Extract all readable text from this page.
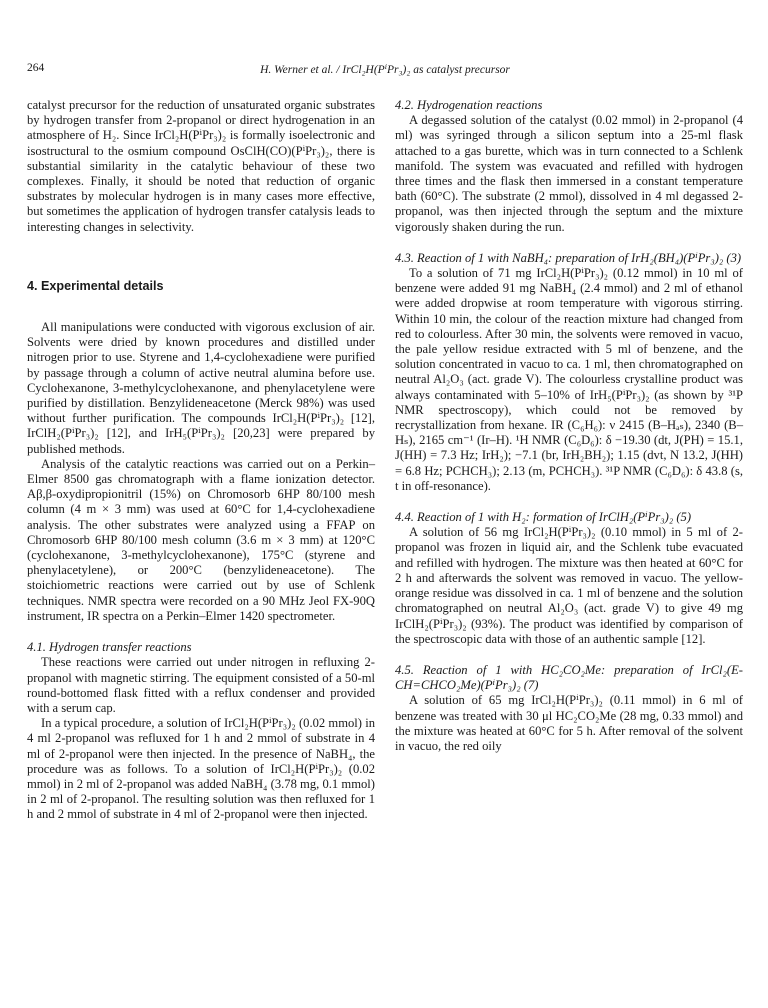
264	H. Werner et al. / IrCl₂H(PⁱPr₃)₂ as catalyst precursor

catalyst precursor for the reduction of unsaturated organic substrates by hydrogen transfer from 2-propanol or direct hydrogenation in an atmosphere of H₂. Since IrCl₂H(PⁱPr₃)₂ is formally isoelectronic and isostructural to the osmium compound OsClH(CO)(PⁱPr₃)₂, there is substantial similarity in the catalytic behaviour of these two complexes. Finally, it should be noted that reduction of organic substrates by molecular hydrogen is in many cases more effective, but sometimes the application of hydrogen transfer catalysis leads to interesting changes in selectivity.

4. Experimental details

All manipulations were conducted with vigorous exclusion of air. Solvents were dried by known procedures and distilled under nitrogen prior to use. Styrene and 1,4-cyclohexadiene were purified by passage through a column of active neutral alumina before use. Cyclohexanone, 3-methylcyclohexanone, and phenylacetylene were purified by distillation. Benzylideneacetone (Merck 98%) was used without further purification. The compounds IrCl₂H(PⁱPr₃)₂ [12], IrClH₂(PⁱPr₃)₂ [12], and IrH₅(PⁱPr₃)₂ [20,23] were prepared by published methods.

Analysis of the catalytic reactions was carried out on a Perkin–Elmer 8500 gas chromatograph with a flame ionization detector. Aβ,β-oxydipropionitril (15%) on Chromosorb 6HP 80/100 mesh column (4 m × 3 mm) was used at 60°C for 1,4-cyclohexadiene analysis. The other substrates were analyzed using a FFAP on Chromosorb 6HP 80/100 mesh column (3.6 m × 3 mm) at 120°C (cyclohexanone, 3-methylcyclohexanone), 175°C (styrene and phenylacetylene), or 200°C (benzylideneacetone). The stoichiometric reactions were carried out by use of Schlenk techniques. NMR spectra were recorded on a 90 MHz Jeol FX-90Q instrument, IR spectra on a Perkin–Elmer 1420 spectrometer.

4.1. Hydrogen transfer reactions

These reactions were carried out under nitrogen in refluxing 2-propanol with magnetic stirring. The equipment consisted of a 50-ml round-bottomed flask fitted with a reflux condenser and provided with a serum cap.

In a typical procedure, a solution of IrCl₂H(PⁱPr₃)₂ (0.02 mmol) in 4 ml 2-propanol was refluxed for 1 h and 2 mmol of substrate in 4 ml of 2-propanol were then injected. In the presence of NaBH₄, the procedure was as follows. To a solution of IrCl₂H(PⁱPr₃)₂ (0.02 mmol) in 2 ml of 2-propanol was added NaBH₄ (3.78 mg, 0.1 mmol) in 2 ml of 2-propanol. The resulting solution was then refluxed for 1 h and 2 mmol of substrate in 4 ml of 2-propanol were then injected.

4.2. Hydrogenation reactions

A degassed solution of the catalyst (0.02 mmol) in 2-propanol (4 ml) was syringed through a silicon septum into a 25-ml flask attached to a gas burette, which was in turn connected to a Schlenk manifold. The system was evacuated and refilled with hydrogen three times and the flask then immersed in a constant temperature bath (60°C). The substrate (2 mmol), dissolved in 4 ml degassed 2-propanol, was then injected through the septum and the mixture vigorously shaken during the run.

4.3. Reaction of 1 with NaBH₄: preparation of IrH₂(BH₄)(PⁱPr₃)₂ (3)

To a solution of 71 mg IrCl₂H(PⁱPr₃)₂ (0.12 mmol) in 10 ml of benzene were added 91 mg NaBH₄ (2.4 mmol) and 2 ml of ethanol were added dropwise at room temperature with vigorous stirring. Within 10 min, the colour of the reaction mixture had changed from red to colourless. After 30 min, the solvents were removed in vacuo, the pale yellow residue extracted with 5 ml of benzene, and the solution concentrated in vacuo to ca. 1 ml, then chromatographed on neutral Al₂O₃ (act. grade V). The colourless crystalline product was always contaminated with 5–10% of IrH₅(PⁱPr₃)₂ (as shown by ³¹P NMR spectroscopy), which could not be removed by recrystallization from hexane. IR (C₆H₆): ν 2415 (B–Hₐₛ), 2340 (B–Hₛ), 2165 cm⁻¹ (Ir–H). ¹H NMR (C₆D₆): δ −19.30 (dt, J(PH) = 15.1, J(HH) = 7.3 Hz; IrH₂); −7.1 (br, IrH₂BH₂); 1.15 (dvt, N 13.2, J(HH) = 6.8 Hz; PCHCH₃); 2.13 (m, PCHCH₃). ³¹P NMR (C₆D₆): δ 43.8 (s, t in off-resonance).

4.4. Reaction of 1 with H₂: formation of IrClH₂(PⁱPr₃)₂ (5)

A solution of 56 mg IrCl₂H(PⁱPr₃)₂ (0.10 mmol) in 5 ml of 2-propanol was frozen in liquid air, and the Schlenk tube evacuated and refilled with hydrogen. The mixture was then heated at 60°C for 2 h and afterwards the solvent was removed in vacuo. The yellow-orange residue was dissolved in ca. 1 ml of benzene and the solution chromatographed on neutral Al₂O₃ (act. grade V) to give 49 mg IrClH₂(PⁱPr₃)₂ (93%). The product was identified by comparison of the spectroscopic data with those of an authentic sample [12].

4.5. Reaction of 1 with HC₂CO₂Me: preparation of IrCl₂(E-CH=CHCO₂Me)(PⁱPr₃)₂ (7)

A solution of 65 mg IrCl₂H(PⁱPr₃)₂ (0.11 mmol) in 6 ml of benzene was treated with 30 μl HC₂CO₂Me (28 mg, 0.33 mmol) and the mixture was heated at 60°C for 5 h. After removal of the solvent in vacuo, the red oily
